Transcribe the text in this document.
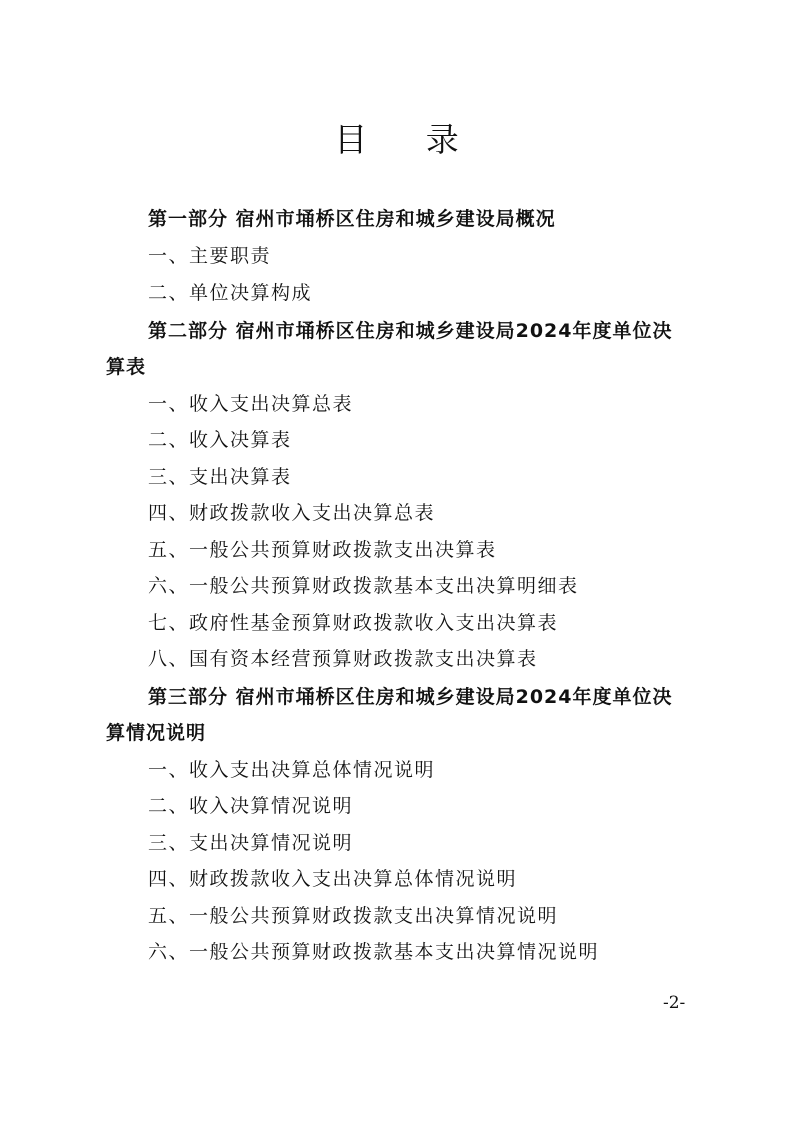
目 录
第一部分 宿州市埇桥区住房和城乡建设局概况
一、主要职责
二、单位决算构成
第二部分 宿州市埇桥区住房和城乡建设局2024年度单位决
算表
一、收入支出决算总表
二、收入决算表
三、支出决算表
四、财政拨款收入支出决算总表
五、一般公共预算财政拨款支出决算表
六、一般公共预算财政拨款基本支出决算明细表
七、政府性基金预算财政拨款收入支出决算表
八、国有资本经营预算财政拨款支出决算表
第三部分 宿州市埇桥区住房和城乡建设局2024年度单位决
算情况说明
一、收入支出决算总体情况说明
二、收入决算情况说明
三、支出决算情况说明
四、财政拨款收入支出决算总体情况说明
五、一般公共预算财政拨款支出决算情况说明
六、一般公共预算财政拨款基本支出决算情况说明
-2-
